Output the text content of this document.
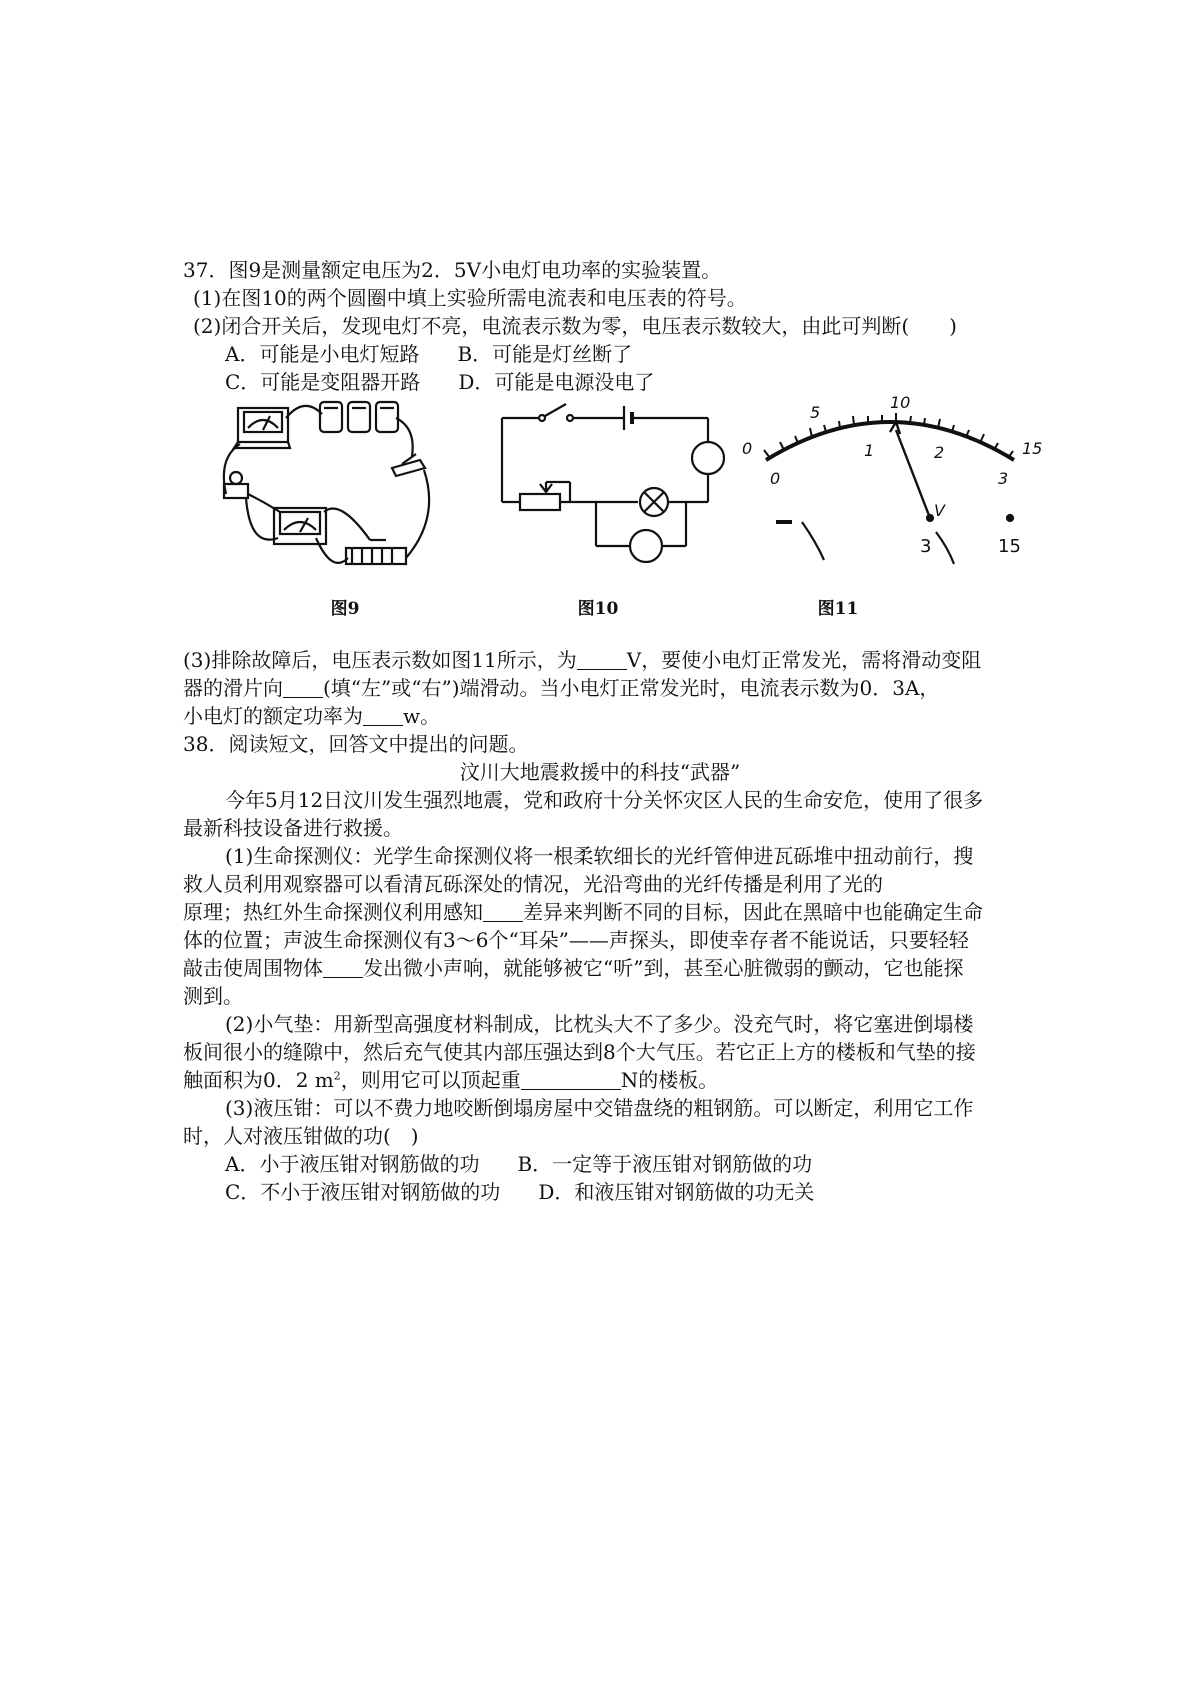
37．图9是测量额定电压为2．5V小电灯电功率的实验装置。
(1)在图10的两个圆圈中填上实验所需电流表和电压表的符号。
(2)闭合开关后，发现电灯不亮，电流表示数为零，电压表示数较大，由此可判断(　　)
A．可能是小电灯短路 B．可能是灯丝断了
C．可能是变阻器开路 D．可能是电源没电了
图9	图10
0
5
10
15
0
1	2
3
V
3	15
图11
(3)排除故障后，电压表示数如图11所示，为	V，要使小电灯正常发光，需将滑动变阻
器的滑片向 (填“左”或“右”)端滑动。当小电灯正常发光时，电流表示数为0．3A，
小电灯的额定功率为 w。
38．阅读短文，回答文中提出的问题。
汶川大地震救援中的科技“武器”
今年5月12日汶川发生强烈地震，党和政府十分关怀灾区人民的生命安危，使用了很多
最新科技设备进行救援。
(1)生命探测仪：光学生命探测仪将一根柔软细长的光纤管伸进瓦砾堆中扭动前行，搜
救人员利用观察器可以看清瓦砾深处的情况，光沿弯曲的光纤传播是利用了光的
原理；热红外生命探测仪利用感知 差异来判断不同的目标，因此在黑暗中也能确定生命
体的位置；声波生命探测仪有3～6个“耳朵”——声探头，即使幸存者不能说话，只要轻轻
敲击使周围物体 发出微小声响，就能够被它“听”到，甚至心脏微弱的颤动，它也能探
测到。
(2)小气垫：用新型高强度材料制成，比枕头大不了多少。没充气时，将它塞进倒塌楼
板间很小的缝隙中，然后充气使其内部压强达到8个大气压。若它正上方的楼板和气垫的接
触面积为0．2 $m^2$，则用它可以顶起重	N的楼板。
(3)液压钳：可以不费力地咬断倒塌房屋中交错盘绕的粗钢筋。可以断定，利用它工作
时，人对液压钳做的功(　)
A．小于液压钳对钢筋做的功 B．一定等于液压钳对钢筋做的功
C．不小于液压钳对钢筋做的功 D．和液压钳对钢筋做的功无关
